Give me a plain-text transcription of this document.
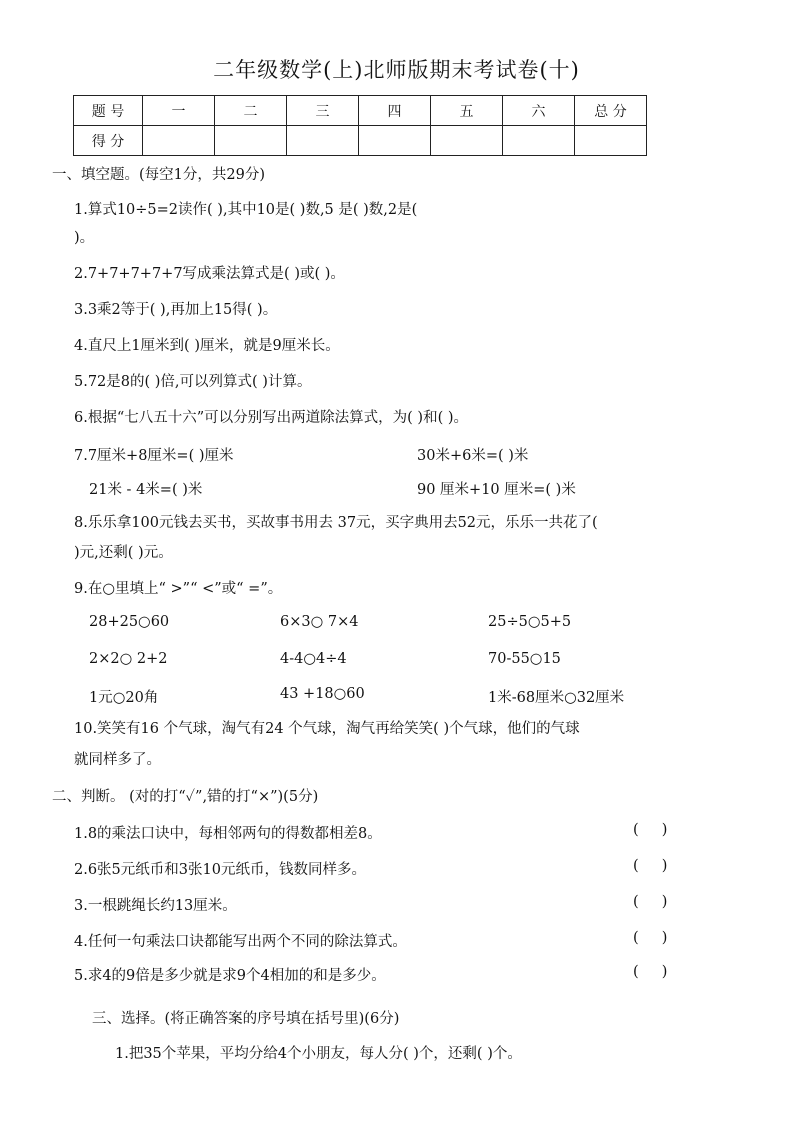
二年级数学(上)北师版期末考试卷(十)
题 号	一	二	三	四	五	六	总 分
得 分							
一、填空题。(每空1分，共29分)
1.算式10÷5=2读作( ),其中10是( )数,5 是( )数,2是(
)。
2.7+7+7+7+7写成乘法算式是( )或( )。
3.3乘2等于( ),再加上15得( )。
4.直尺上1厘米到( )厘米，就是9厘米长。
5.72是8的( )倍,可以列算式( )计算。
6.根据“七八五十六”可以分别写出两道除法算式，为( )和( )。
7.7厘米+8厘米=( )厘米	30米+6米=( )米
21米 - 4米=( )米	90 厘米+10 厘米=( )米
8.乐乐拿100元钱去买书，买故事书用去 37元，买字典用去52元，乐乐一共花了(
)元,还剩( )元。
9.在○里填上“ >”“ <”或“ =”。
28+25○60	6×3○ 7×4	25÷5○5+5
2×2○ 2+2	4-4○4÷4	70-55○15
1元○20角	43 +18○60	1米-68厘米○32厘米
10.笑笑有16 个气球，淘气有24 个气球，淘气再给笑笑( )个气球，他们的气球
就同样多了。
二、判断。 (对的打“✓”,错的打“×”)(5分)
1.8的乘法口诀中，每相邻两句的得数都相差8。	(     )
2.6张5元纸币和3张10元纸币，钱数同样多。	(     )
3.一根跳绳长约13厘米。	(     )
4.任何一句乘法口诀都能写出两个不同的除法算式。	(     )
5.求4的9倍是多少就是求9个4相加的和是多少。	(     )
三、选择。(将正确答案的序号填在括号里)(6分)
1.把35个苹果，平均分给4个小朋友，每人分( )个，还剩( )个。
